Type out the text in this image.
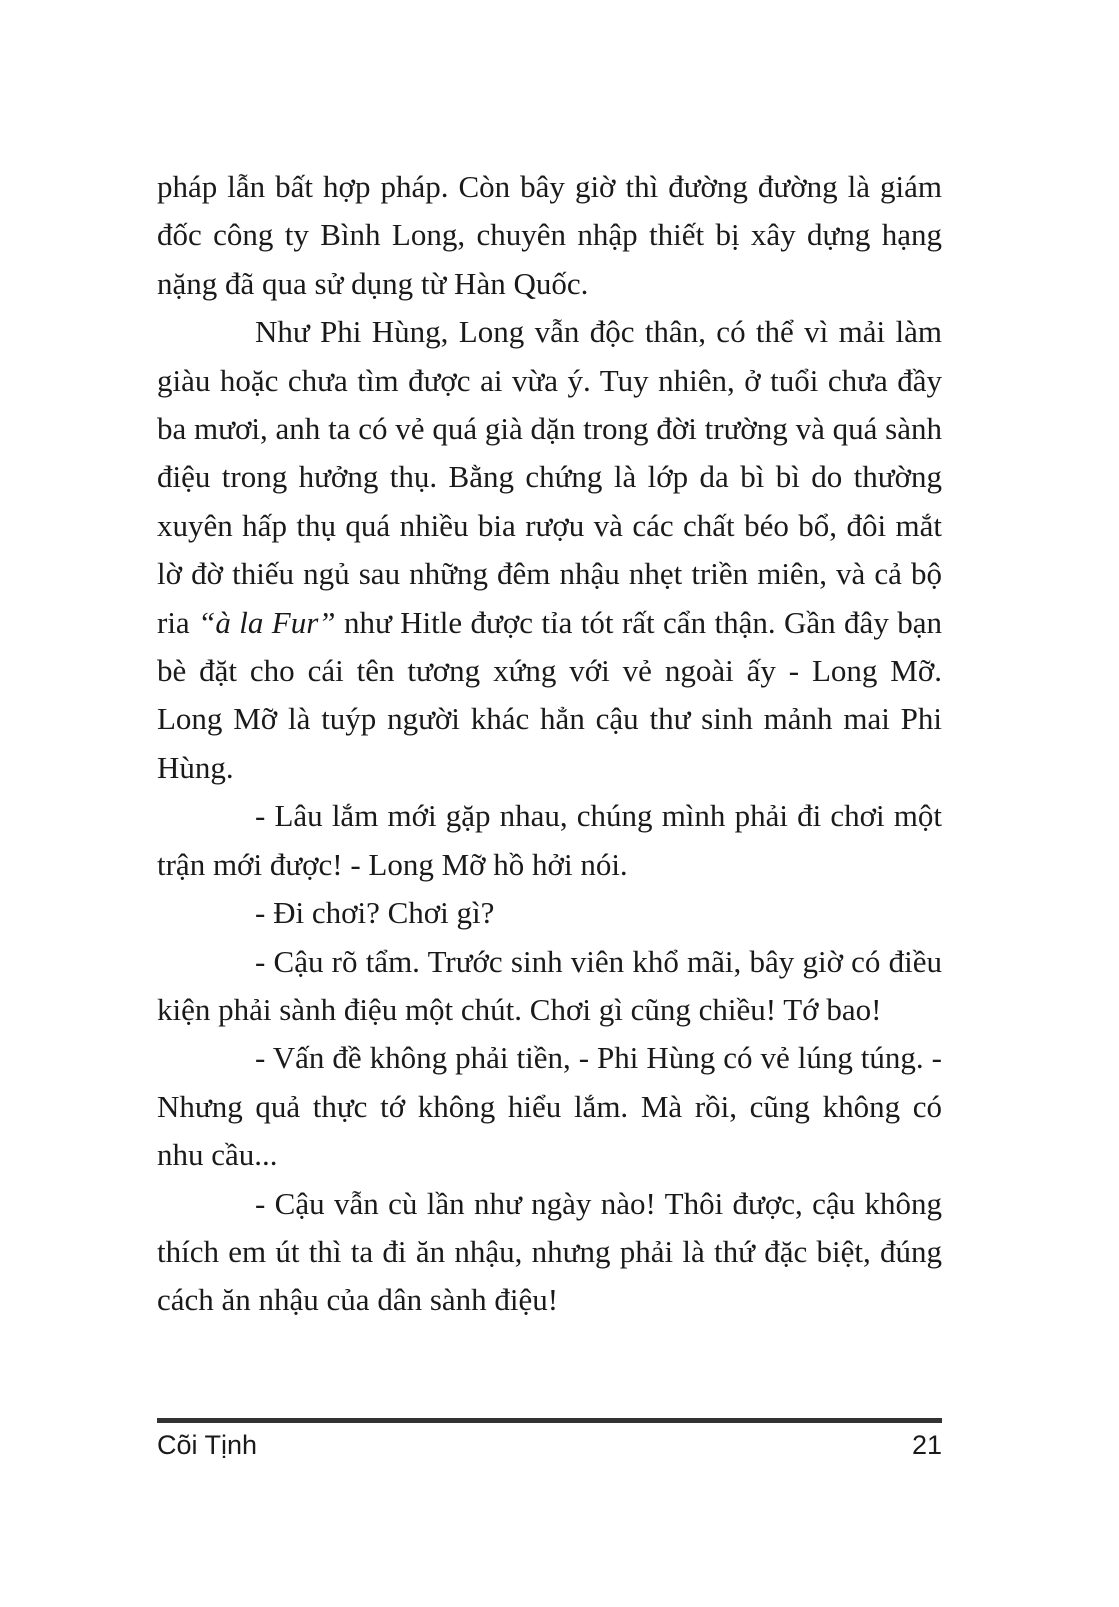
pháp lẫn bất hợp pháp. Còn bây giờ thì đường đường là giám đốc công ty Bình Long, chuyên nhập thiết bị xây dựng hạng nặng đã qua sử dụng từ Hàn Quốc.

Như Phi Hùng, Long vẫn độc thân, có thể vì mải làm giàu hoặc chưa tìm được ai vừa ý. Tuy nhiên, ở tuổi chưa đầy ba mươi, anh ta có vẻ quá già dặn trong đời trường và quá sành điệu trong hưởng thụ. Bằng chứng là lớp da bì bì do thường xuyên hấp thụ quá nhiều bia rượu và các chất béo bổ, đôi mắt lờ đờ thiếu ngủ sau những đêm nhậu nhẹt triền miên, và cả bộ ria “à la Fur” như Hitle được tỉa tót rất cẩn thận. Gần đây bạn bè đặt cho cái tên tương xứng với vẻ ngoài ấy - Long Mỡ. Long Mỡ là tuýp người khác hẳn cậu thư sinh mảnh mai Phi Hùng.

- Lâu lắm mới gặp nhau, chúng mình phải đi chơi một trận mới được! - Long Mỡ hồ hởi nói.

- Đi chơi? Chơi gì?

- Cậu rõ tẩm. Trước sinh viên khổ mãi, bây giờ có điều kiện phải sành điệu một chút. Chơi gì cũng chiều! Tớ bao!

- Vấn đề không phải tiền, - Phi Hùng có vẻ lúng túng. - Nhưng quả thực tớ không hiểu lắm. Mà rồi, cũng không có nhu cầu...

- Cậu vẫn cù lần như ngày nào! Thôi được, cậu không thích em út thì ta đi ăn nhậu, nhưng phải là thứ đặc biệt, đúng cách ăn nhậu của dân sành điệu!

Cõi Tịnh	21
